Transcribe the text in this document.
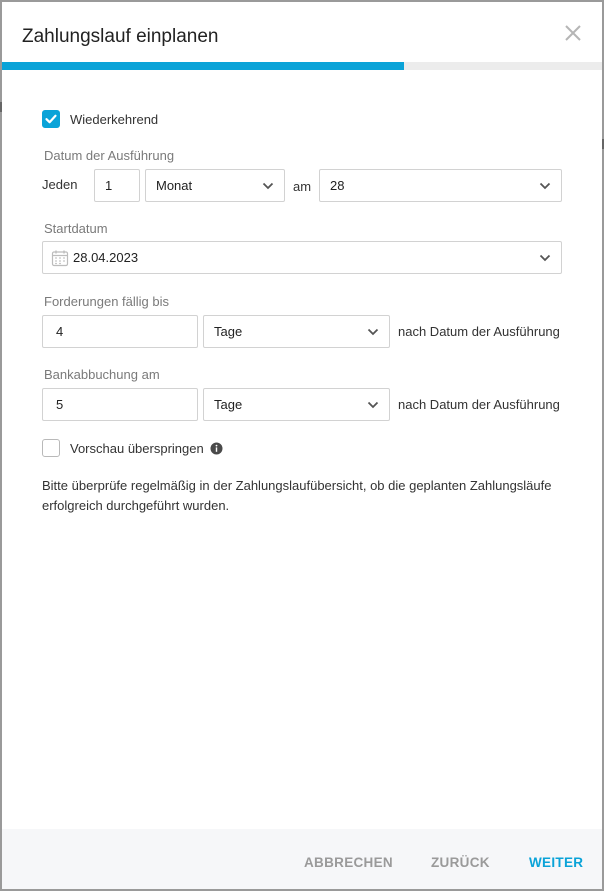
Zahlungslauf einplanen
Wiederkehrend
Datum der Ausführung
Jeden 1	Monat	am 28
Startdatum
28.04.2023
Forderungen fällig bis
4	Tage	nach Datum der Ausführung
Bankabbuchung am
5	Tage	nach Datum der Ausführung
Vorschau überspringen
Bitte überprüfe regelmäßig in der Zahlungslaufübersicht, ob die geplanten Zahlungsläufe erfolgreich durchgeführt wurden.
ABBRECHEN	ZURÜCK	WEITER
